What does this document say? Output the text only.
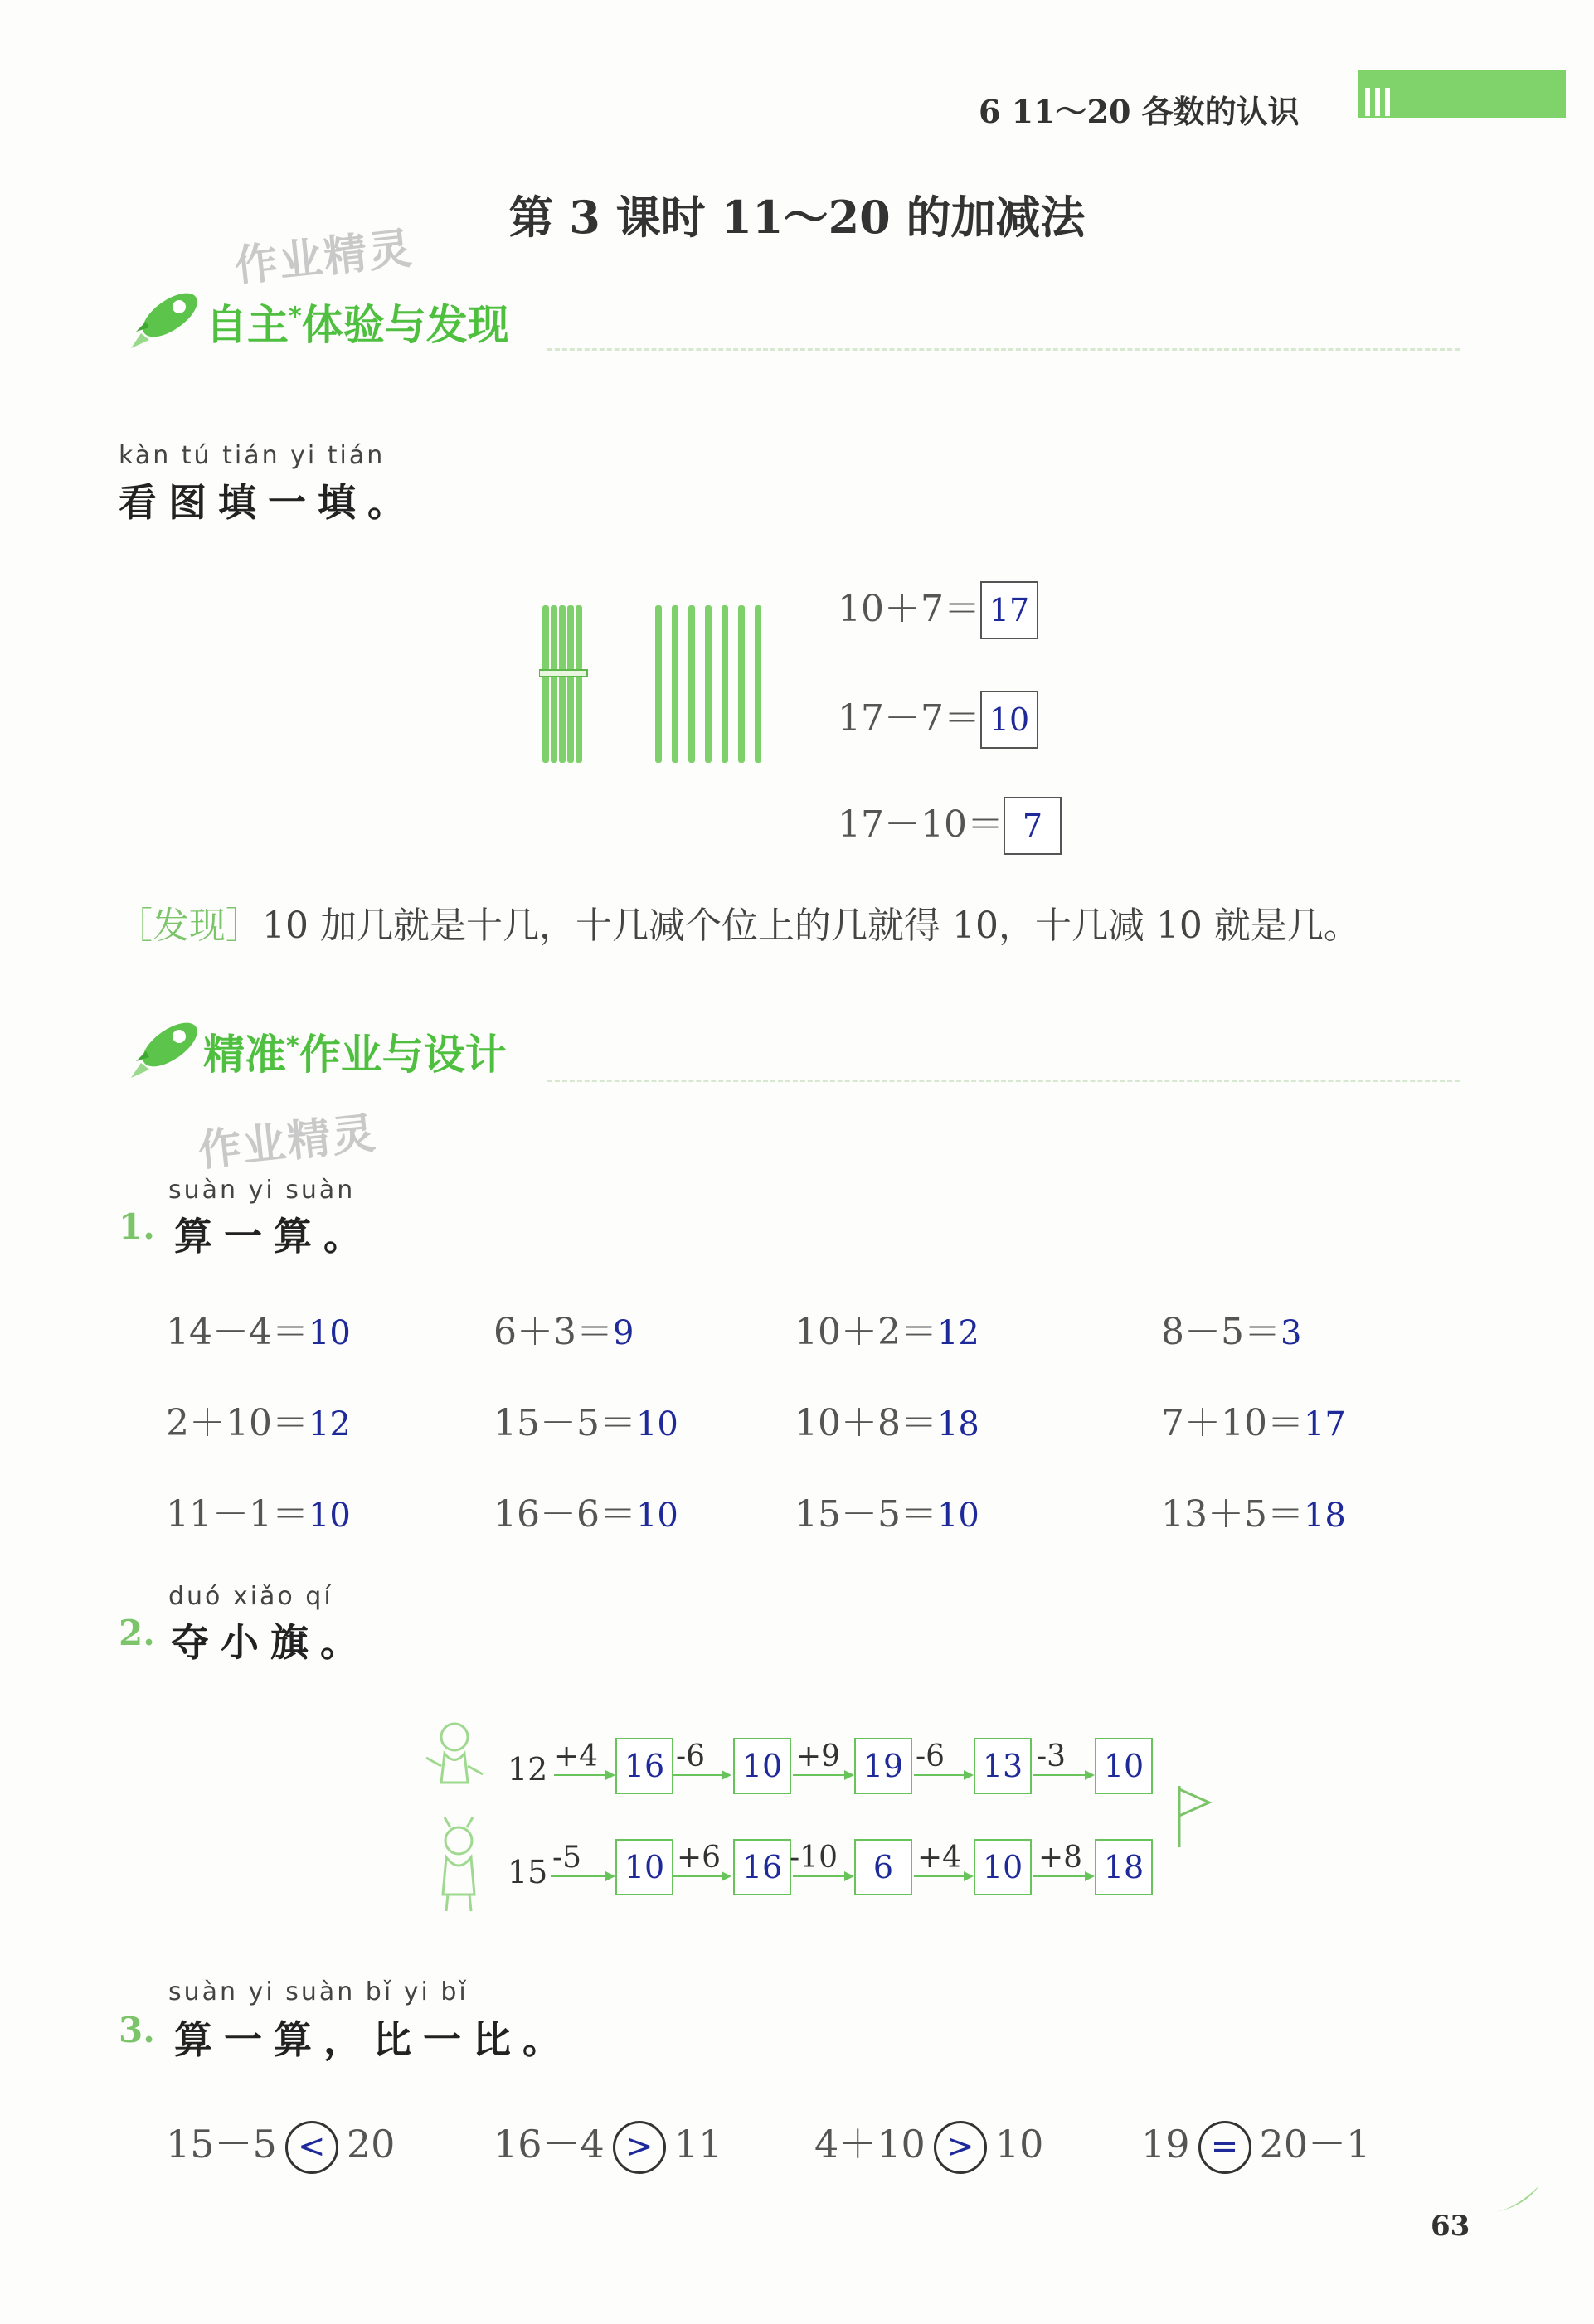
6 11～20 各数的认识
第 3 课时 11～20 的加减法
作业精灵
自主*体验与发现
kàn tú tián yi tián
看图填一填。
10＋7＝ 17
17－7＝ 10
17－10＝ 7
［发现］10 加几就是十几，十几减个位上的几就得 10，十几减 10 就是几。
精准*作业与设计
作业精灵
suàn yi suàn
1. 算一算。
14－4＝10	6＋3＝9	10＋2＝12	8－5＝3
2＋10＝12	15－5＝10	10＋8＝18	7＋10＝17
11－1＝10	16－6＝10	15－5＝10	13＋5＝18
duó xiǎo qí
2. 夺小旗。
12 +4 16 -6 10 +9 19 -6 13 -3 10
15 -5 10 +6 16 -10	6 +4 10 +8 18
suàn yi suàn bǐ yi bǐ
3. 算一算，比一比。
15－5 < 20	16－4 > 11 4＋10 > 10	19 = 20－1
63
